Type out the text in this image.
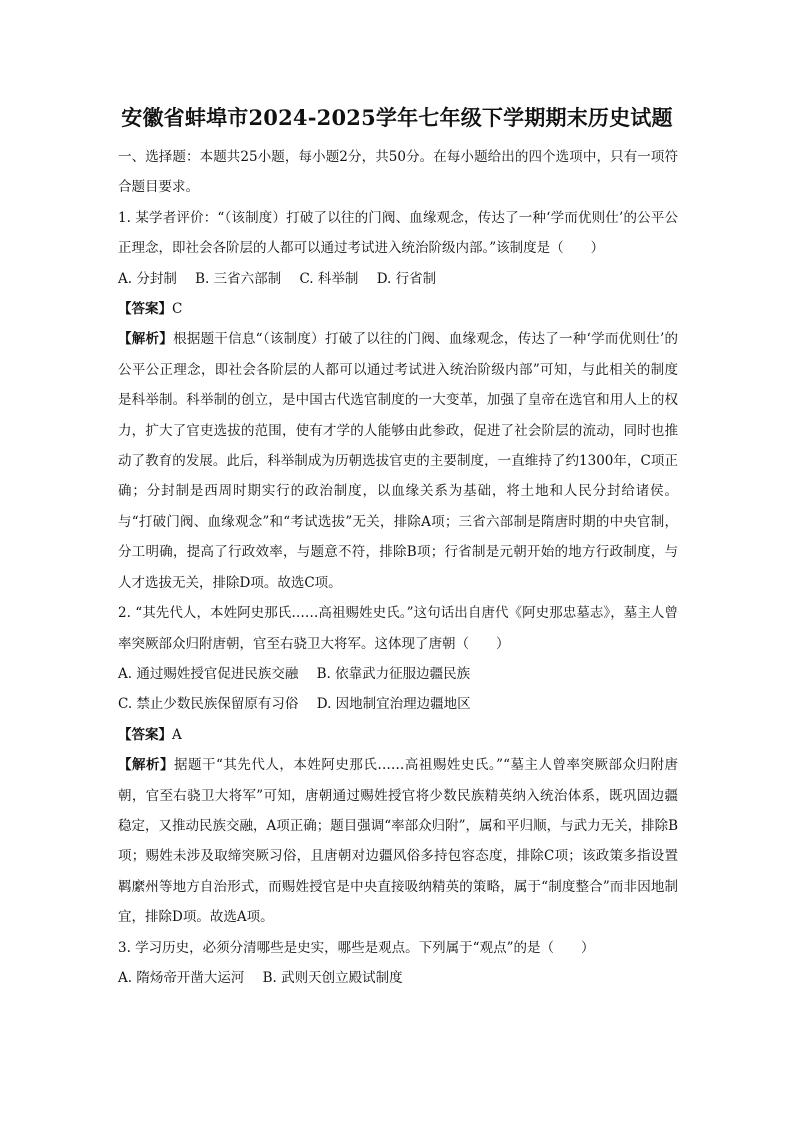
安徽省蚌埠市2024-2025学年七年级下学期期末历史试题

一、选择题：本题共25小题，每小题2分，共50分。在每小题给出的四个选项中，只有一项符合题目要求。

1. 某学者评价：“（该制度）打破了以往的门阀、血缘观念，传达了一种‘学而优则仕’的公平公正理念，即社会各阶层的人都可以通过考试进入统治阶级内部。”该制度是（　　）

A. 分封制 B. 三省六部制 C. 科举制 D. 行省制

【答案】C

【解析】根据题干信息“（该制度）打破了以往的门阀、血缘观念，传达了一种‘学而优则仕’的公平公正理念，即社会各阶层的人都可以通过考试进入统治阶级内部”可知，与此相关的制度是科举制。科举制的创立，是中国古代选官制度的一大变革，加强了皇帝在选官和用人上的权力，扩大了官吏选拔的范围，使有才学的人能够由此参政，促进了社会阶层的流动，同时也推动了教育的发展。此后，科举制成为历朝选拔官吏的主要制度，一直维持了约1300年，C项正确；分封制是西周时期实行的政治制度，以血缘关系为基础，将土地和人民分封给诸侯。与“打破门阀、血缘观念”和“考试选拔”无关，排除A项；三省六部制是隋唐时期的中央官制，分工明确，提高了行政效率，与题意不符，排除B项；行省制是元朝开始的地方行政制度，与人才选拔无关，排除D项。故选C项。

2. “其先代人，本姓阿史那氏……高祖赐姓史氏。”这句话出自唐代《阿史那忠墓志》，墓主人曾率突厥部众归附唐朝，官至右骁卫大将军。这体现了唐朝（　　）

A. 通过赐姓授官促进民族交融 B. 依靠武力征服边疆民族

C. 禁止少数民族保留原有习俗 D. 因地制宜治理边疆地区

【答案】A

【解析】据题干“其先代人，本姓阿史那氏……高祖赐姓史氏。”“墓主人曾率突厥部众归附唐朝，官至右骁卫大将军”可知，唐朝通过赐姓授官将少数民族精英纳入统治体系，既巩固边疆稳定，又推动民族交融，A项正确；题目强调“率部众归附”，属和平归顺，与武力无关，排除B项；赐姓未涉及取缔突厥习俗，且唐朝对边疆风俗多持包容态度，排除C项；该政策多指设置羁縻州等地方自治形式，而赐姓授官是中央直接吸纳精英的策略，属于“制度整合”而非因地制宜，排除D项。故选A项。

3. 学习历史，必须分清哪些是史实，哪些是观点。下列属于“观点”的是（　　）

A. 隋炀帝开凿大运河 B. 武则天创立殿试制度
